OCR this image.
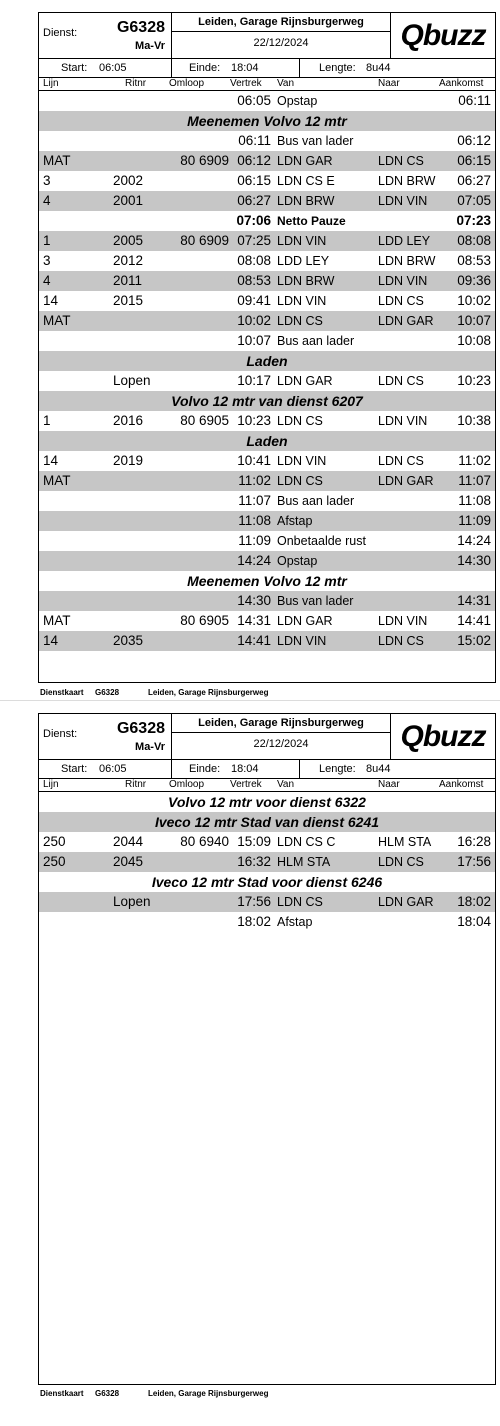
Dienst:	G6328
Ma-Vr
Leiden, Garage Rijnsburgerweg
22/12/2024	Qbuzz
Start: 06:05	Einde: 18:04	Lengte: 8u44
Lijn	Ritnr Omloop	Vertrek Van	Naar	Aankomst
06:05 Opstap	06:11
Meenemen Volvo 12 mtr
06:11 Bus van lader	06:12
MAT	80 6909 06:12 LDN GAR	LDN CS	06:15
3	2002	06:15 LDN CS E	LDN BRW	06:27
4	2001	06:27 LDN BRW	LDN VIN	07:05
07:06 Netto Pauze	07:23
1	2005	80 6909 07:25 LDN VIN	LDD LEY	08:08
3	2012	08:08 LDD LEY	LDN BRW	08:53
4	2011	08:53 LDN BRW	LDN VIN	09:36
14	2015	09:41 LDN VIN	LDN CS	10:02
MAT	10:02 LDN CS	LDN GAR	10:07
10:07 Bus aan lader	10:08
Laden
Lopen	10:17 LDN GAR	LDN CS	10:23
Volvo 12 mtr van dienst 6207
1	2016	80 6905 10:23 LDN CS	LDN VIN	10:38
Laden
14	2019	10:41 LDN VIN	LDN CS	11:02
MAT	11:02 LDN CS	LDN GAR	11:07
11:07 Bus aan lader	11:08
11:08 Afstap	11:09
11:09 Onbetaalde rust	14:24
14:24 Opstap	14:30
Meenemen Volvo 12 mtr
14:30 Bus van lader	14:31
MAT	80 6905 14:31 LDN GAR	LDN VIN	14:41
14	2035	14:41 LDN VIN	LDN CS	15:02
Dienstkaart G6328	Leiden, Garage Rijnsburgerweg
Dienst:	G6328
Ma-Vr
Leiden, Garage Rijnsburgerweg
22/12/2024	Qbuzz
Start: 06:05	Einde: 18:04	Lengte: 8u44
Lijn	Ritnr Omloop	Vertrek Van	Naar	Aankomst
Volvo 12 mtr voor dienst 6322
Iveco 12 mtr Stad van dienst 6241
250	2044	80 6940 15:09 LDN CS C	HLM STA	16:28
250	2045	16:32 HLM STA	LDN CS	17:56
Iveco 12 mtr Stad voor dienst 6246
Lopen	17:56 LDN CS	LDN GAR	18:02
18:02 Afstap	18:04
Dienstkaart G6328	Leiden, Garage Rijnsburgerweg
